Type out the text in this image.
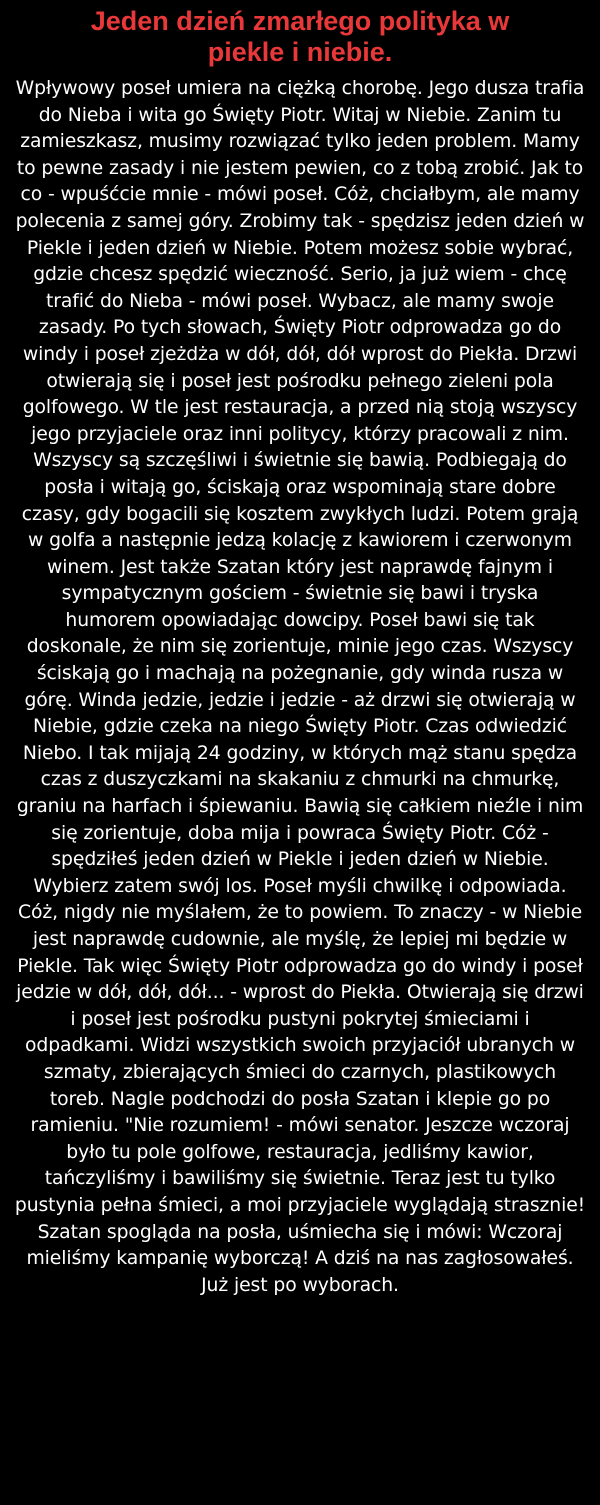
Jeden dzień zmarłego polityka w piekle i niebie.

Wpływowy poseł umiera na ciężką chorobę. Jego dusza trafia do Nieba i wita go Święty Piotr. Witaj w Niebie. Zanim tu zamieszkasz, musimy rozwiązać tylko jeden problem. Mamy to pewne zasady i nie jestem pewien, co z tobą zrobić. Jak to co - wpuśćcie mnie - mówi poseł. Cóż, chciałbym, ale mamy polecenia z samej góry. Zrobimy tak - spędzisz jeden dzień w Piekle i jeden dzień w Niebie. Potem możesz sobie wybrać, gdzie chcesz spędzić wieczność. Serio, ja już wiem - chcę trafić do Nieba - mówi poseł. Wybacz, ale mamy swoje zasady. Po tych słowach, Święty Piotr odprowadza go do windy i poseł zjeżdża w dół, dół, dół wprost do Piekła. Drzwi otwierają się i poseł jest pośrodku pełnego zieleni pola golfowego. W tle jest restauracja, a przed nią stoją wszyscy jego przyjaciele oraz inni politycy, którzy pracowali z nim. Wszyscy są szczęśliwi i świetnie się bawią. Podbiegają do posła i witają go, ściskają oraz wspominają stare dobre czasy, gdy bogacili się kosztem zwykłych ludzi. Potem grają w golfa a następnie jedzą kolację z kawiorem i czerwonym winem. Jest także Szatan który jest naprawdę fajnym i sympatycznym gościem - świetnie się bawi i tryska humorem opowiadając dowcipy. Poseł bawi się tak doskonale, że nim się zorientuje, minie jego czas. Wszyscy ściskają go i machają na pożegnanie, gdy winda rusza w górę. Winda jedzie, jedzie i jedzie - aż drzwi się otwierają w Niebie, gdzie czeka na niego Święty Piotr. Czas odwiedzić Niebo. I tak mijają 24 godziny, w których mąż stanu spędza czas z duszyczkami na skakaniu z chmurki na chmurkę, graniu na harfach i śpiewaniu. Bawią się całkiem nieźle i nim się zorientuje, doba mija i powraca Święty Piotr. Cóż - spędziłeś jeden dzień w Piekle i jeden dzień w Niebie. Wybierz zatem swój los. Poseł myśli chwilkę i odpowiada. Cóż, nigdy nie myślałem, że to powiem. To znaczy - w Niebie jest naprawdę cudownie, ale myślę, że lepiej mi będzie w Piekle. Tak więc Święty Piotr odprowadza go do windy i poseł jedzie w dół, dół, dół... - wprost do Piekła. Otwierają się drzwi i poseł jest pośrodku pustyni pokrytej śmieciami i odpadkami. Widzi wszystkich swoich przyjaciół ubranych w szmaty, zbierających śmieci do czarnych, plastikowych toreb. Nagle podchodzi do posła Szatan i klepie go po ramieniu. "Nie rozumiem! - mówi senator. Jeszcze wczoraj było tu pole golfowe, restauracja, jedliśmy kawior, tańczyliśmy i bawiliśmy się świetnie. Teraz jest tu tylko pustynia pełna śmieci, a moi przyjaciele wyglądają strasznie! Szatan spogląda na posła, uśmiecha się i mówi: Wczoraj mieliśmy kampanię wyborczą! A dziś na nas zagłosowałeś. Już jest po wyborach.
